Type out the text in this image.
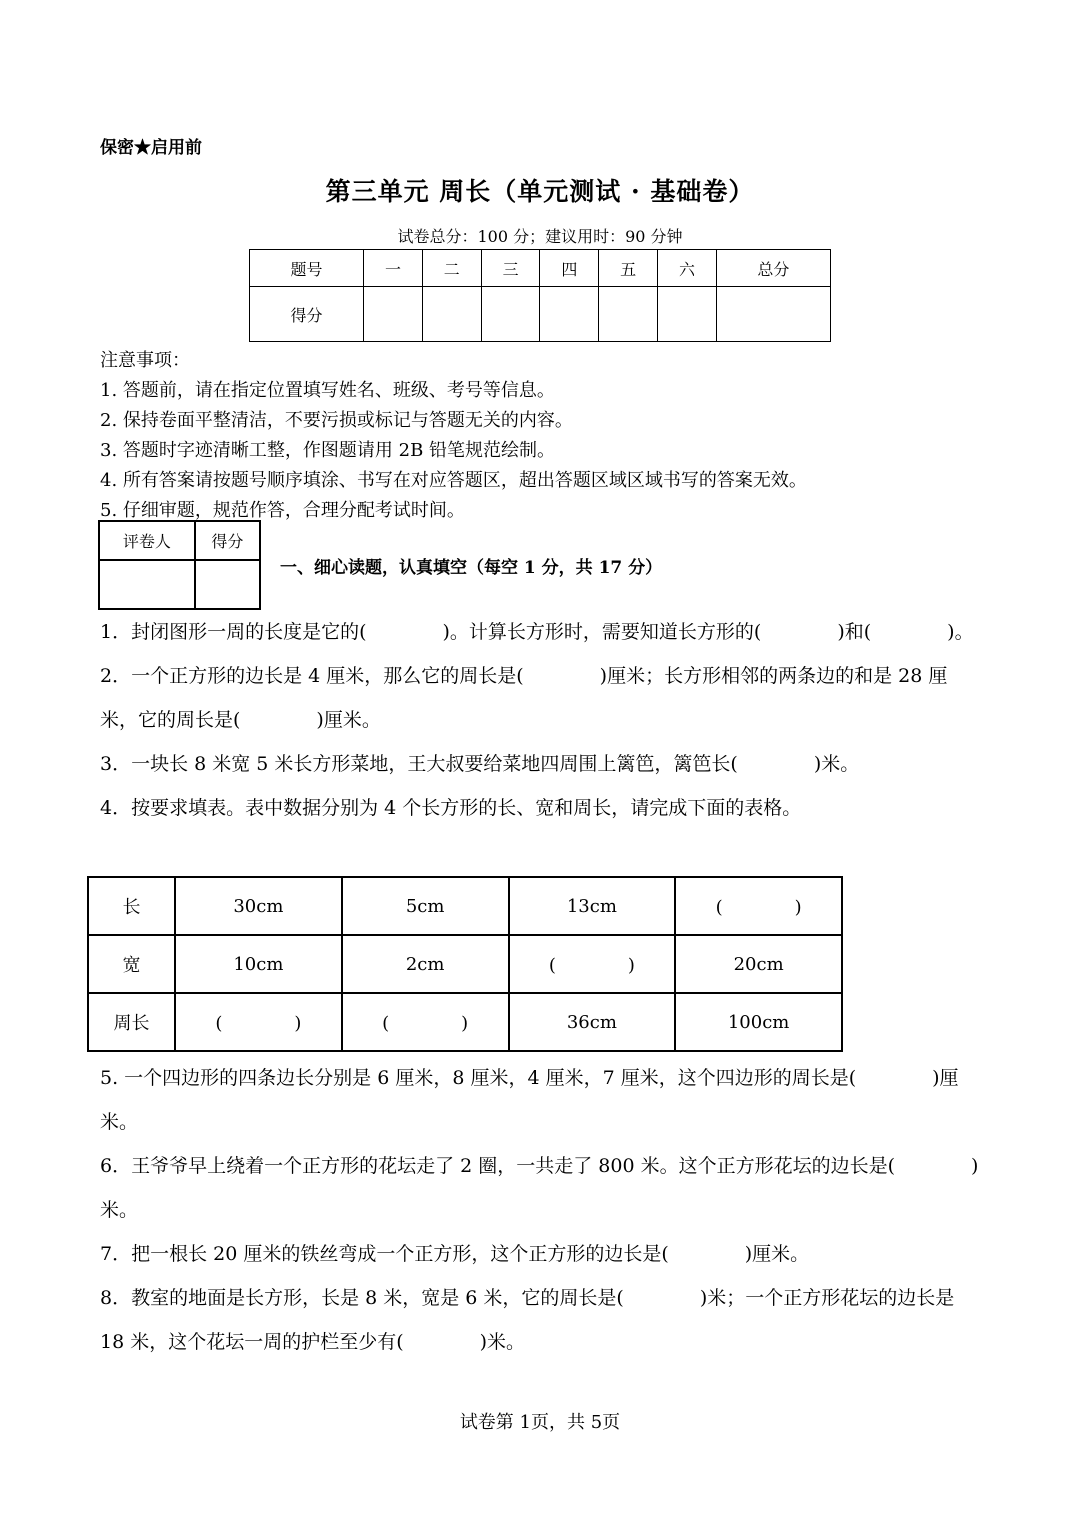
保密★启用前
第三单元 周长（单元测试 · 基础卷）
试卷总分：100 分；建议用时：90 分钟
题号	一	二	三	四	五	六	总分
得分							
注意事项：
1. 答题前，请在指定位置填写姓名、班级、考号等信息。
2. 保持卷面平整清洁，不要污损或标记与答题无关的内容。
3. 答题时字迹清晰工整，作图题请用 2B 铅笔规范绘制。
4. 所有答案请按题号顺序填涂、书写在对应答题区，超出答题区域区域书写的答案无效。
5. 仔细审题，规范作答，合理分配考试时间。
评卷人	得分

一、细心读题，认真填空（每空 1 分，共 17 分）

1．封闭图形一周的长度是它的(　　　　)。计算长方形时，需要知道长方形的(　　　　)和(　　　　)。

2．一个正方形的边长是 4 厘米，那么它的周长是(　　　　)厘米；长方形相邻的两条边的和是 28 厘米，它的周长是(　　　　)厘米。

3．一块长 8 米宽 5 米长方形菜地，王大叔要给菜地四周围上篱笆，篱笆长(　　　　)米。

4．按要求填表。表中数据分别为 4 个长方形的长、宽和周长，请完成下面的表格。

长	30cm	5cm	13cm	(　　　　)
宽	10cm	2cm	(　　　　)	20cm
周长	(　　　　)	(　　　　)	36cm	100cm

5. 一个四边形的四条边长分别是 6 厘米，8 厘米，4 厘米，7 厘米，这个四边形的周长是(　　　　)厘米。

6．王爷爷早上绕着一个正方形的花坛走了 2 圈，一共走了 800 米。这个正方形花坛的边长是(　　　　)米。

7．把一根长 20 厘米的铁丝弯成一个正方形，这个正方形的边长是(　　　　)厘米。

8．教室的地面是长方形，长是 8 米，宽是 6 米，它的周长是(　　　　)米；一个正方形花坛的边长是 18 米，这个花坛一周的护栏至少有(　　　　)米。

试卷第 1页，共 5页
